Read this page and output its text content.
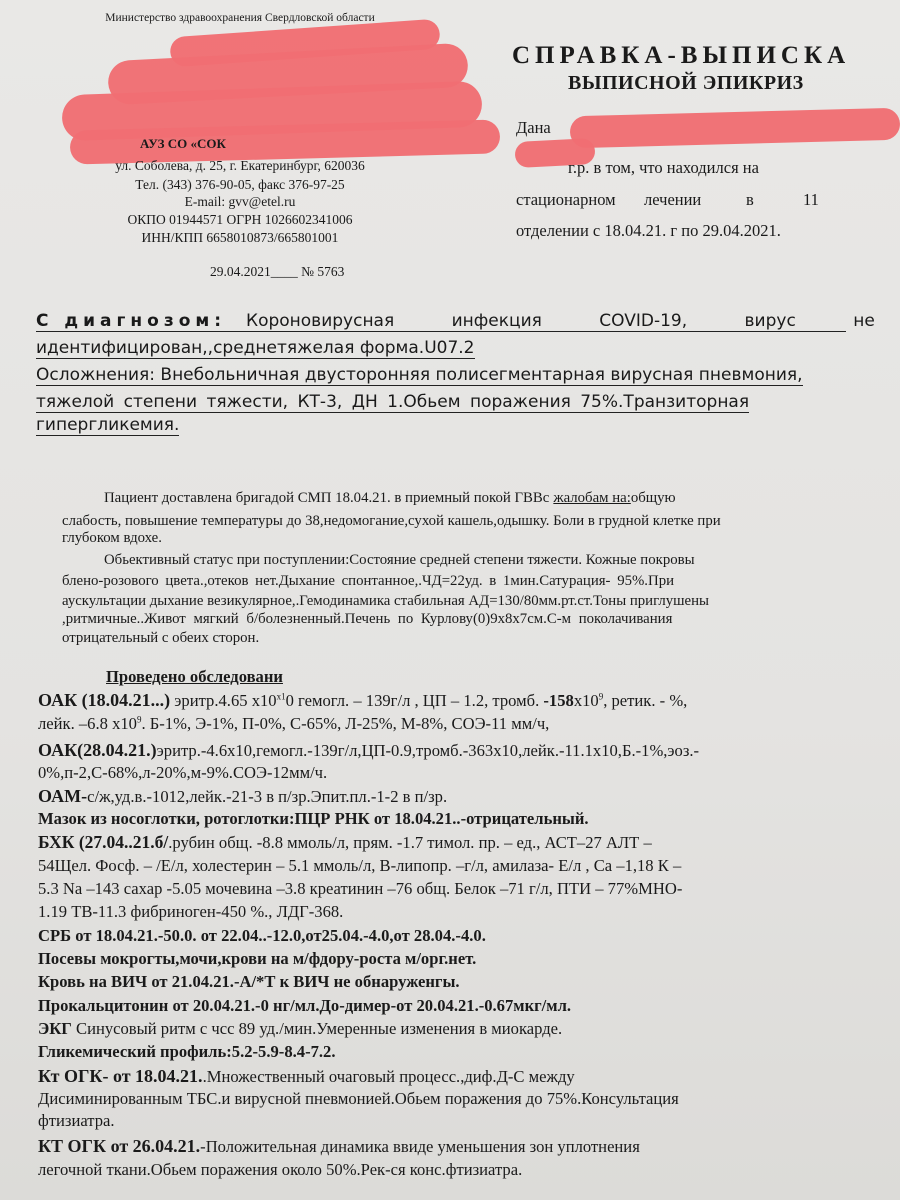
Министерство здравоохранения Свердловской области
АУЗ СО «СОК
ул. Соболева, д. 25, г. Екатеринбург, 620036
Тел. (343) 376-90-05, факс 376-97-25
E-mail: gvv@etel.ru
ОКПО 01944571 ОГРН 1026602341006
ИНН/КПП 6658010873/665801001
29.04.2021____ № 5763
СПРАВКА-ВЫПИСКА
ВЫПИСНОЙ ЭПИКРИЗ
Дана
г.р. в том, что находился на
стационарном лечении	в	11
отделении с 18.04.21. г по 29.04.2021.
С диагнозом: Короновирусная инфекция COVID-19, вирус не
идентифицирован,,среднетяжелая форма.U07.2
Осложнения: Внебольничная двусторонняя полисегментарная вирусная пневмония,
тяжелой степени тяжести, КТ-3, ДН 1.Обьем поражения 75%.Транзиторная
гипергликемия.
Пациент доставлена бригадой СМП 18.04.21. в приемный покой ГВВс жалобам на:общую
слабость, повышение температуры до 38,недомогание,сухой кашель,одышку. Боли в грудной клетке при
глубоком вдохе.
Обьективный статус при поступлении:Состояние средней степени тяжести. Кожные покровы
блено-розового цвета.,отеков нет.Дыхание спонтанное,.ЧД=22уд. в 1мин.Сатурация- 95%.При
аускультации дыхание везикулярное,.Гемодинамика стабильная АД=130/80мм.рт.ст.Тоны приглушены
,ритмичные..Живот мягкий б/болезненный.Печень по Курлову(0)9х8х7см.С-м поколачивания
отрицательный с обеих сторон.
Проведено обследовани
ОАК (18.04.21...) эритр.4.65 $х10^{х1}0$ гемогл. – 139г/л , ЦП – 1.2, тромб. $-158х10^9$, ретик. - %,
лейк. –6.8 $х10^9$. Б-1%, Э-1%, П-0%, С-65%, Л-25%, М-8%, СОЭ-11 мм/ч,
ОАК(28.04.21.)эритр.-4.6х10,гемогл.-139г/л,ЦП-0.9,тромб.-363х10,лейк.-11.1х10,Б.-1%,эоз.-
0%,п-2,С-68%,л-20%,м-9%.СОЭ-12мм/ч.
ОАМ-с/ж,уд.в.-1012,лейк.-21-3 в п/зр.Эпит.пл.-1-2 в п/зр.
Мазок из носоглотки, ротоглотки:ПЦР РНК от 18.04.21..-отрицательный.
БХК (27.04..21.б/.рубин общ. -8.8 ммоль/л, прям. -1.7 тимол. пр. – ед., АСТ–27 АЛТ –
54Щел. Фосф. – /Е/л, холестерин – 5.1 ммоль/л, В-липопр. –г/л, амилаза- Е/л , Са –1,18 К –
5.3 Na –143 сахар -5.05 мочевина –3.8 креатинин –76 общ. Белок –71 г/л, ПТИ – 77%МНО-
1.19 ТВ-11.3 фибриноген-450 %., ЛДГ-368.
СРБ от 18.04.21.-50.0. от 22.04..-12.0,от25.04.-4.0,от 28.04.-4.0.
Посевы мокрогты,мочи,крови на м/фдору-роста м/орг.нет.
Кровь на ВИЧ от 21.04.21.-А/*Т к ВИЧ не обнаруженгы.
Прокальцитонин от 20.04.21.-0 нг/мл.До-димер-от 20.04.21.-0.67мкг/мл.
ЭКГ Синусовый ритм с чсс 89 уд./мин.Умеренные изменения в миокарде.
Гликемический профиль:5.2-5.9-8.4-7.2.
Кт ОГК- от 18.04.21..Множественный очаговый процесс.,диф.Д-С между
Дисиминированным ТБС.и вирусной пневмонией.Обьем поражения до 75%.Консультация
фтизиатра.
КТ ОГК от 26.04.21.-Положительная динамика ввиде уменьшения зон уплотнения
легочной ткани.Обьем поражения около 50%.Рек-ся конс.фтизиатра.
